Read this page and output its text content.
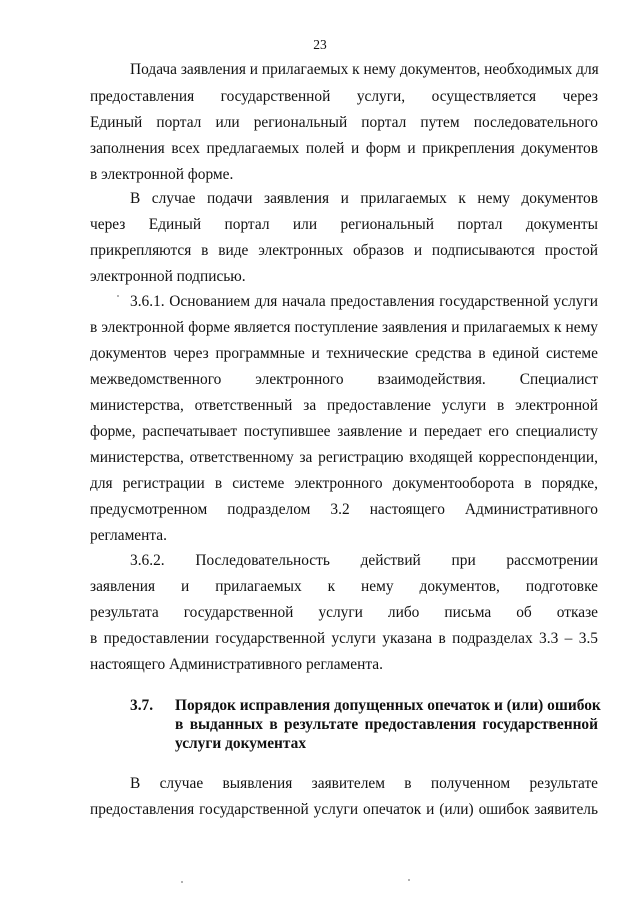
23
Подача заявления и прилагаемых к нему документов, необходимых для
предоставления государственной услуги, осуществляется через
Единый портал или региональный портал путем последовательного
заполнения всех предлагаемых полей и форм и прикрепления документов
в электронной форме.
В случае подачи заявления и прилагаемых к нему документов
через Единый портал или региональный портал документы
прикрепляются в виде электронных образов и подписываются простой
электронной подписью.
3.6.1. Основанием для начала предоставления государственной услуги
в электронной форме является поступление заявления и прилагаемых к нему
документов через программные и технические средства в единой системе
межведомственного электронного взаимодействия. Специалист
министерства, ответственный за предоставление услуги в электронной
форме, распечатывает поступившее заявление и передает его специалисту
министерства, ответственному за регистрацию входящей корреспонденции,
для регистрации в системе электронного документооборота в порядке,
предусмотренном подразделом 3.2 настоящего Административного
регламента.
3.6.2. Последовательность действий при рассмотрении
заявления и прилагаемых к нему документов, подготовке
результата государственной услуги либо письма об отказе
в предоставлении государственной услуги указана в подразделах 3.3 – 3.5
настоящего Административного регламента.
3.7. Порядок исправления допущенных опечаток и (или) ошибок
в выданных в результате предоставления государственной
услуги документах
В случае выявления заявителем в полученном результате
предоставления государственной услуги опечаток и (или) ошибок заявитель
